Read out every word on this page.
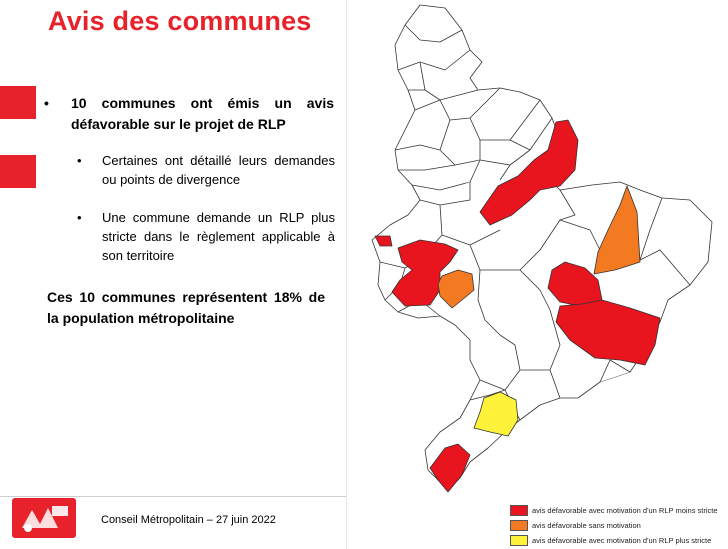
Avis des communes
• 10 communes ont émis un avis défavorable sur le projet de RLP
• Certaines ont détaillé leurs demandes ou points de divergence
• Une commune demande un RLP plus stricte dans le règlement applicable à son territoire
Ces 10 communes représentent 18% de la population métropolitaine
Conseil Métropolitain – 27 juin 2022
avis défavorable avec motivation d'un RLP moins stricte
avis défavorable sans motivation
avis défavorable avec motivation d'un RLP plus stricte
